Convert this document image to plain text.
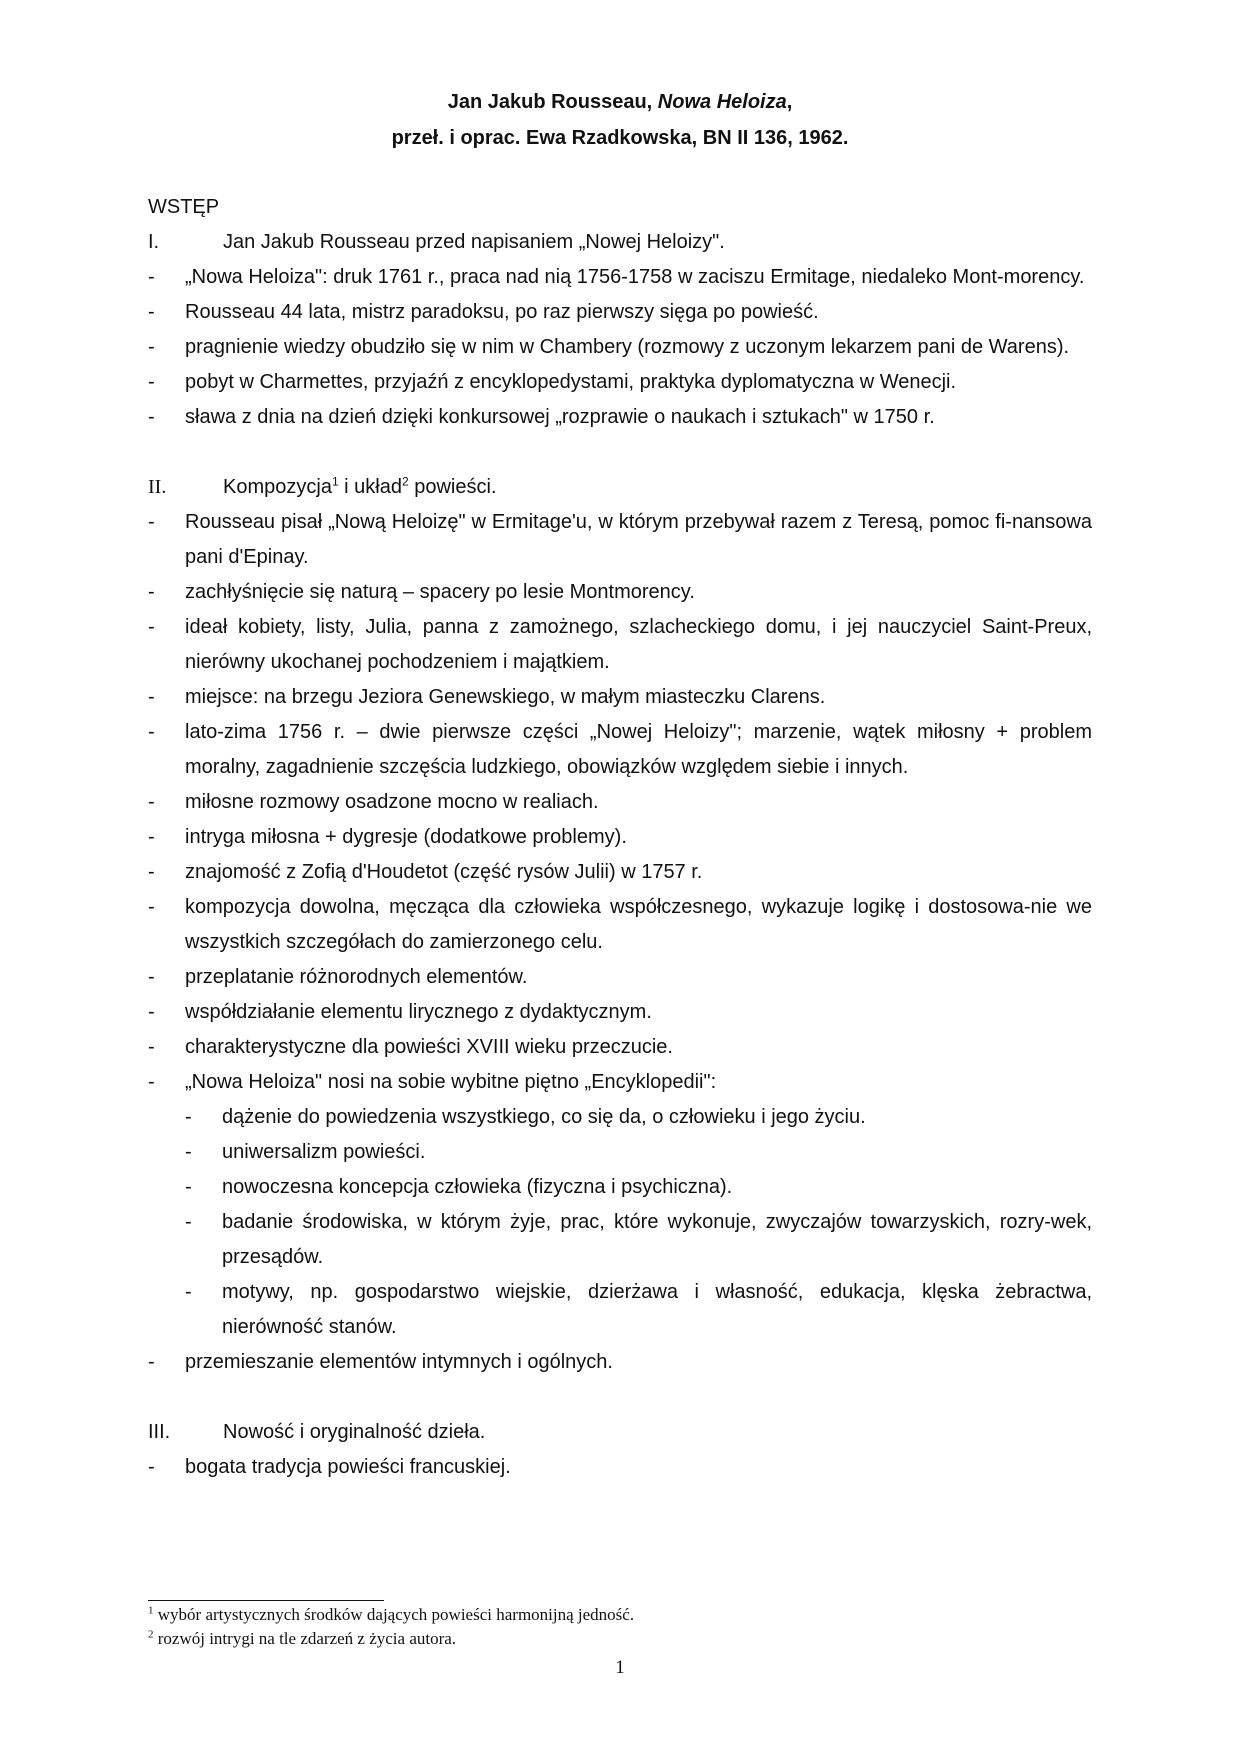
Jan Jakub Rousseau, Nowa Heloiza,
przeł. i oprac. Ewa Rzadkowska, BN II 136, 1962.
WSTĘP
I.	Jan Jakub Rousseau przed napisaniem „Nowej Heloizy".
-	„Nowa Heloiza": druk 1761 r., praca nad nią 1756-1758 w zaciszu Ermitage, niedaleko Mont-morency.
-	Rousseau 44 lata, mistrz paradoksu, po raz pierwszy sięga po powieść.
-	pragnienie wiedzy obudziło się w nim w Chambery (rozmowy z uczonym lekarzem pani de Warens).
-	pobyt w Charmettes, przyjaźń z encyklopedystami, praktyka dyplomatyczna w Wenecji.
-	sława z dnia na dzień dzięki konkursowej „rozprawie o naukach i sztukach" w 1750 r.
II.	Kompozycja$^1$ i układ$^2$ powieści.
-	Rousseau pisał „Nową Heloizę" w Ermitage'u, w którym przebywał razem z Teresą, pomoc fi-nansowa pani d'Epinay.
-	zachłyśnięcie się naturą – spacery po lesie Montmorency.
-	ideał kobiety, listy, Julia, panna z zamożnego, szlacheckiego domu, i jej nauczyciel Saint-Preux, nierówny ukochanej pochodzeniem i majątkiem.
-	miejsce: na brzegu Jeziora Genewskiego, w małym miasteczku Clarens.
-	lato-zima 1756 r. – dwie pierwsze części „Nowej Heloizy"; marzenie, wątek miłosny + problem moralny, zagadnienie szczęścia ludzkiego, obowiązków względem siebie i innych.
-	miłosne rozmowy osadzone mocno w realiach.
-	intryga miłosna + dygresje (dodatkowe problemy).
-	znajomość z Zofią d'Houdetot (część rysów Julii) w 1757 r.
-	kompozycja dowolna, męcząca dla człowieka współczesnego, wykazuje logikę i dostosowa-nie we wszystkich szczegółach do zamierzonego celu.
-	przeplatanie różnorodnych elementów.
-	współdziałanie elementu lirycznego z dydaktycznym.
-	charakterystyczne dla powieści XVIII wieku przeczucie.
-	„Nowa Heloiza" nosi na sobie wybitne piętno „Encyklopedii":
-	dążenie do powiedzenia wszystkiego, co się da, o człowieku i jego życiu.
-	uniwersalizm powieści.
-	nowoczesna koncepcja człowieka (fizyczna i psychiczna).
-	badanie środowiska, w którym żyje, prac, które wykonuje, zwyczajów towarzyskich, rozry-wek, przesądów.
-	motywy, np. gospodarstwo wiejskie, dzierżawa i własność, edukacja, klęska żebractwa, nierówność stanów.
-	przemieszanie elementów intymnych i ogólnych.
III.	Nowość i oryginalność dzieła.
-	bogata tradycja powieści francuskiej.
$^1$ wybór artystycznych środków dających powieści harmonijną jedność.
$^2$ rozwój intrygi na tle zdarzeń z życia autora.
1
